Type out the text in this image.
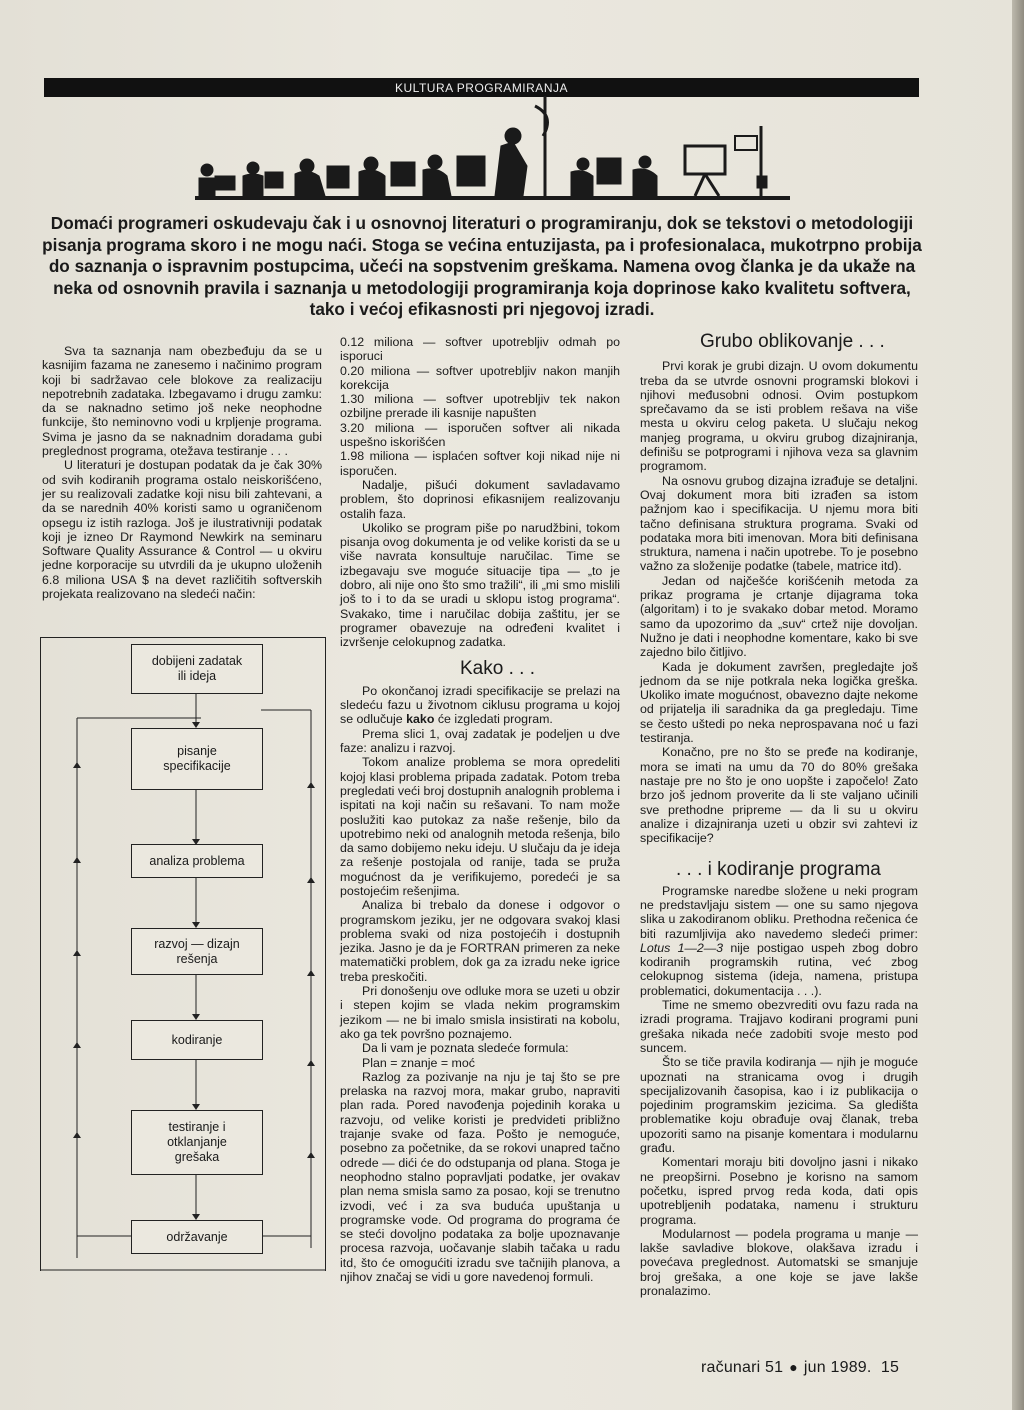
KULTURA PROGRAMIRANJA

Domaći programeri oskudevaju čak i u osnovnoj literaturi o programiranju, dok se tekstovi o metodologiji pisanja programa skoro i ne mogu naći. Stoga se većina entuzijasta, pa i profesionalaca, mukotrpno probija do saznanja o ispravnim postupcima, učeći na sopstvenim greškama. Namena ovog članka je da ukaže na neka od osnovnih pravila i saznanja u metodologiji programiranja koja doprinose kako kvalitetu softvera, tako i većoj efikasnosti pri njegovoj izradi.

Sva ta saznanja nam obezbeđuju da se u kasnijim fazama ne zanesemo i načinimo program koji bi sadržavao cele blokove za realizaciju nepotrebnih zadataka. Izbegavamo i drugu zamku: da se naknadno setimo još neke neophodne funkcije, što neminovno vodi u krpljenje programa. Svima je jasno da se naknadnim doradama gubi preglednost programa, otežava testiranje . . .

U literaturi je dostupan podatak da je čak 30% od svih kodiranih programa ostalo neiskorišćeno, jer su realizovali zadatke koji nisu bili zahtevani, a da se narednih 40% koristi samo u ograničenom opsegu iz istih razloga. Još je ilustrativniji podatak koji je izneo Dr Raymond Newkirk na seminaru Software Quality Assurance & Control — u okviru jedne korporacije su utvrdili da je ukupno uloženih 6.8 miliona USA $ na devet različitih softverskih projekata realizovano na sledeći način:

dobijeni zadatak
ili ideja
pisanje
specifikacije
analiza problema
razvoj — dizajn
rešenja
kodiranje
testiranje i
otklanjanje
grešaka
održavanje

0.12 miliona — softver upotrebljiv odmah po isporuci

0.20 miliona — softver upotrebljiv nakon manjih korekcija

1.30 miliona — softver upotrebljiv tek nakon ozbiljne prerade ili kasnije napušten

3.20 miliona — isporučen softver ali nikada uspešno iskorišćen

1.98 miliona — isplaćen softver koji nikad nije ni isporučen.

Nadalje, pišući dokument savladavamo problem, što doprinosi efikasnijem realizovanju ostalih faza.

Ukoliko se program piše po narudžbini, tokom pisanja ovog dokumenta je od velike koristi da se u više navrata konsultuje naručilac. Time se izbegavaju sve moguće situacije tipa — „to je dobro, ali nije ono što smo tražili“, ili „mi smo mislili još to i to da se uradi u sklopu istog programa“. Svakako, time i naručilac dobija zaštitu, jer se programer obavezuje na određeni kvalitet i izvršenje celokupnog zadatka.

Kako . . .

Po okončanoj izradi specifikacije se prelazi na sledeću fazu u životnom ciklusu programa u kojoj se odlučuje kako će izgledati program.

Prema slici 1, ovaj zadatak je podeljen u dve faze: analizu i razvoj.

Tokom analize problema se mora opredeliti kojoj klasi problema pripada zadatak. Potom treba pregledati veći broj dostupnih analognih problema i ispitati na koji način su rešavani. To nam može poslužiti kao putokaz za naše rešenje, bilo da upotrebimo neki od analognih metoda rešenja, bilo da samo dobijemo neku ideju. U slučaju da je ideja za rešenje postojala od ranije, tada se pruža mogućnost da je verifikujemo, poredeći je sa postojećim rešenjima.

Analiza bi trebalo da donese i odgovor o programskom jeziku, jer ne odgovara svakoj klasi problema svaki od niza postojećih i dostupnih jezika. Jasno je da je FORTRAN primeren za neke matematički problem, dok ga za izradu neke igrice treba preskočiti.

Pri donošenju ove odluke mora se uzeti u obzir i stepen kojim se vlada nekim programskim jezikom — ne bi imalo smisla insistirati na kobolu, ako ga tek površno poznajemo.

Da li vam je poznata sledeće formula:

Plan = znanje = moć

Razlog za pozivanje na nju je taj što se pre prelaska na razvoj mora, makar grubo, napraviti plan rada. Pored navođenja pojedinih koraka u razvoju, od velike koristi je predvideti približno trajanje svake od faza. Pošto je nemoguće, posebno za početnike, da se rokovi unapred tačno odrede — dići će do odstupanja od plana. Stoga je neophodno stalno popravljati podatke, jer ovakav plan nema smisla samo za posao, koji se trenutno izvodi, već i za sva buduća upuštanja u programske vode. Od programa do programa će se steći dovoljno podataka za bolje upoznavanje procesa razvoja, uočavanje slabih tačaka u radu itd, što će omogućiti izradu sve tačnijih planova, a njihov značaj se vidi u gore navedenoj formuli.

Grubo oblikovanje . . .

Prvi korak je grubi dizajn. U ovom dokumentu treba da se utvrde osnovni programski blokovi i njihovi međusobni odnosi. Ovim postupkom sprečavamo da se isti problem rešava na više mesta u okviru celog paketa. U slučaju nekog manjeg programa, u okviru grubog dizajniranja, definišu se potprogrami i njihova veza sa glavnim programom.

Na osnovu grubog dizajna izrađuje se detaljni. Ovaj dokument mora biti izrađen sa istom pažnjom kao i specifikacija. U njemu mora biti tačno definisana struktura programa. Svaki od podataka mora biti imenovan. Mora biti definisana struktura, namena i način upotrebe. To je posebno važno za složenije podatke (tabele, matrice itd).

Jedan od najčešće korišćenih metoda za prikaz programa je crtanje dijagrama toka (algoritam) i to je svakako dobar metod. Moramo samo da upozorimo da „suv“ crtež nije dovoljan. Nužno je dati i neophodne komentare, kako bi sve zajedno bilo čitljivo.

Kada je dokument završen, pregledajte još jednom da se nije potkrala neka logička greška. Ukoliko imate mogućnost, obavezno dajte nekome od prijatelja ili saradnika da ga pregledaju. Time se često uštedi po neka neprospavana noć u fazi testiranja.

Konačno, pre no što se pređe na kodiranje, mora se imati na umu da 70 do 80% grešaka nastaje pre no što je ono uopšte i započelo! Zato brzo još jednom proverite da li ste valjano učinili sve prethodne pripreme — da li su u okviru analize i dizajniranja uzeti u obzir svi zahtevi iz specifikacije?

. . . i kodiranje programa

Programske naredbe složene u neki program ne predstavljaju sistem — one su samo njegova slika u zakodiranom obliku. Prethodna rečenica će biti razumljivija ako navedemo sledeći primer: Lotus 1—2—3 nije postigao uspeh zbog dobro kodiranih programskih rutina, već zbog celokupnog sistema (ideja, namena, pristupa problematici, dokumentacija . . .).

Time ne smemo obezvrediti ovu fazu rada na izradi programa. Trajjavo kodirani programi puni grešaka nikada neće zadobiti svoje mesto pod suncem.

Što se tiče pravila kodiranja — njih je moguće upoznati na stranicama ovog i drugih specijalizovanih časopisa, kao i iz publikacija o pojedinim programskim jezicima. Sa gledišta problematike koju obrađuje ovaj članak, treba upozoriti samo na pisanje komentara i modularnu građu.

Komentari moraju biti dovoljno jasni i nikako ne preopširni. Posebno je korisno na samom početku, ispred prvog reda koda, dati opis upotrebljenih podataka, namenu i strukturu programa.

Modularnost — podela programa u manje — lakše savladive blokove, olakšava izradu i povećava preglednost. Automatski se smanjuje broj grešaka, a one koje se jave lakše pronalazimo.

računari 51 ● jun 1989. 15
